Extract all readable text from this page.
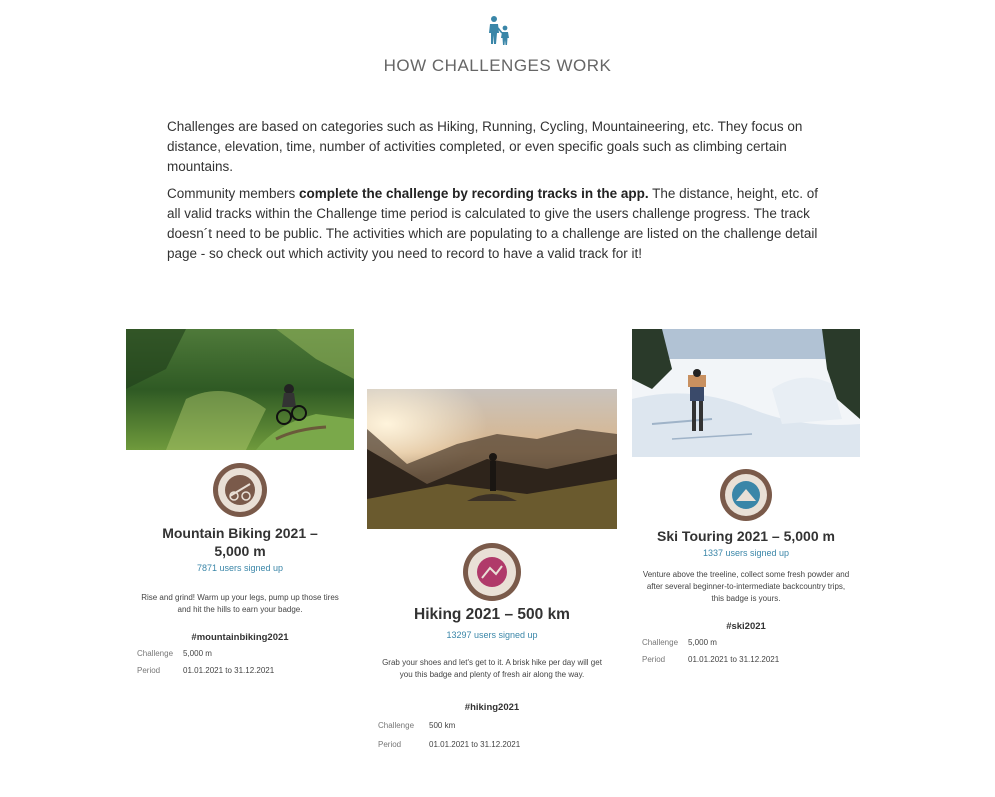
HOW CHALLENGES WORK

Challenges are based on categories such as Hiking, Running, Cycling, Mountaineering, etc. They focus on distance, elevation, time, number of activities completed, or even specific goals such as climbing certain mountains.

Community members complete the challenge by recording tracks in the app. The distance, height, etc. of all valid tracks within the Challenge time period is calculated to give the users challenge progress. The track doesn´t need to be public. The activities which are populating to a challenge are listed on the challenge detail page - so check out which activity you need to record to have a valid track for it!

Mountain Biking 2021 – 5,000 m
7871 users signed up
Rise and grind! Warm up your legs, pump up those tires and hit the hills to earn your badge.
#mountainbiking2021
Challenge	5,000 m
Period	01.01.2021 to 31.12.2021
Hiking 2021 – 500 km
13297 users signed up
Grab your shoes and let's get to it. A brisk hike per day will get you this badge and plenty of fresh air along the way.
#hiking2021
Challenge	500 km
Period	01.01.2021 to 31.12.2021
Ski Touring 2021 – 5,000 m
1337 users signed up
Venture above the treeline, collect some fresh powder and after several beginner-to-intermediate backcountry trips, this badge is yours.
#ski2021
Challenge	5,000 m
Period	01.01.2021 to 31.12.2021
